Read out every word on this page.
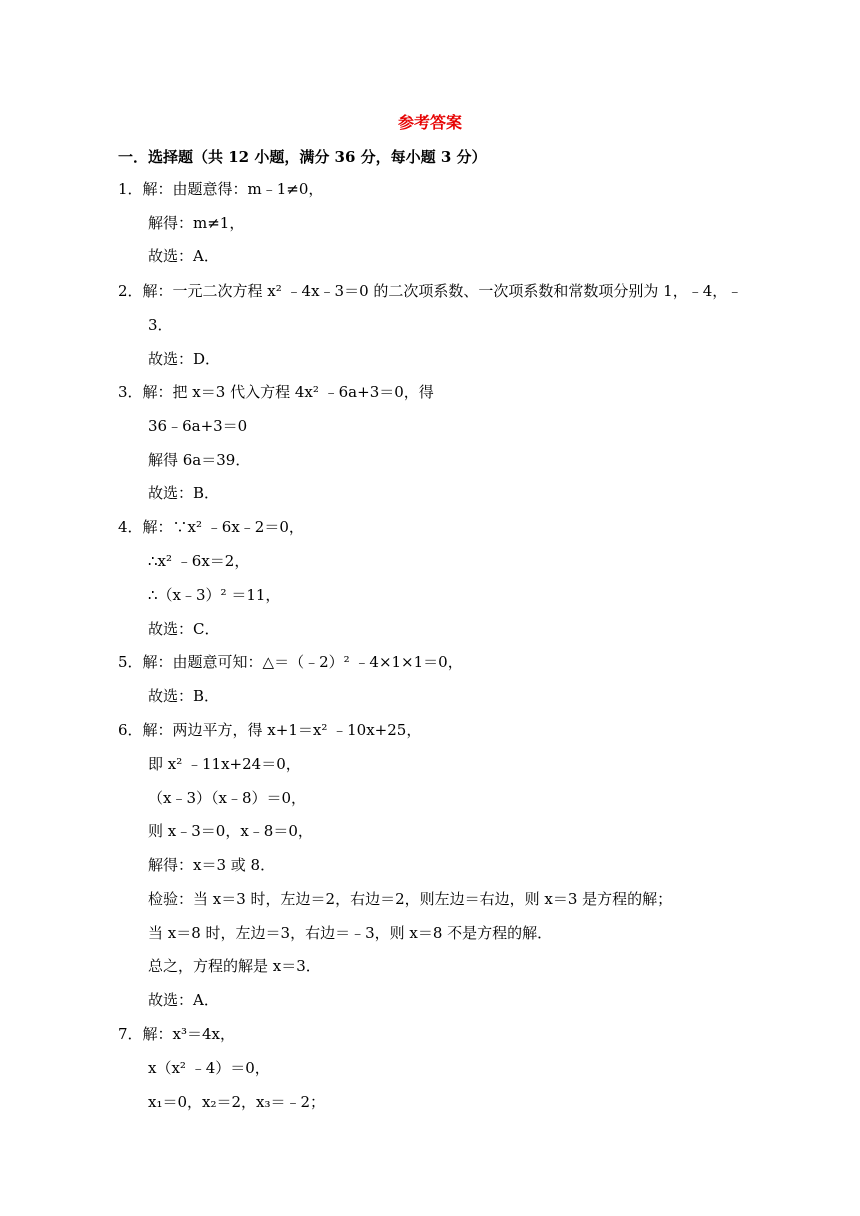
参考答案
一．选择题（共 12 小题，满分 36 分，每小题 3 分）
1．解：由题意得：m﹣1≠0，
解得：m≠1，
故选：A．
2．解：一元二次方程 x² ﹣4x﹣3＝0 的二次项系数、一次项系数和常数项分别为 1，﹣4，﹣
3．
故选：D．
3．解：把 x＝3 代入方程 4x² ﹣6a+3＝0，得
36﹣6a+3＝0
解得 6a＝39．
故选：B．
4．解：∵x² ﹣6x﹣2＝0，
∴x² ﹣6x＝2，
∴（x﹣3）² ＝11，
故选：C．
5．解：由题意可知：△＝（﹣2）² ﹣4×1×1＝0，
故选：B．
6．解：两边平方，得 x+1＝x² ﹣10x+25，
即 x² ﹣11x+24＝0，
（x﹣3）（x﹣8）＝0，
则 x﹣3＝0，x﹣8＝0，
解得：x＝3 或 8．
检验：当 x＝3 时，左边＝2，右边＝2，则左边＝右边，则 x＝3 是方程的解；
当 x＝8 时，左边＝3，右边＝﹣3，则 x＝8 不是方程的解．
总之，方程的解是 x＝3．
故选：A．
7．解：x³＝4x，
x（x² ﹣4）＝0，
x₁＝0，x₂＝2，x₃＝﹣2；
